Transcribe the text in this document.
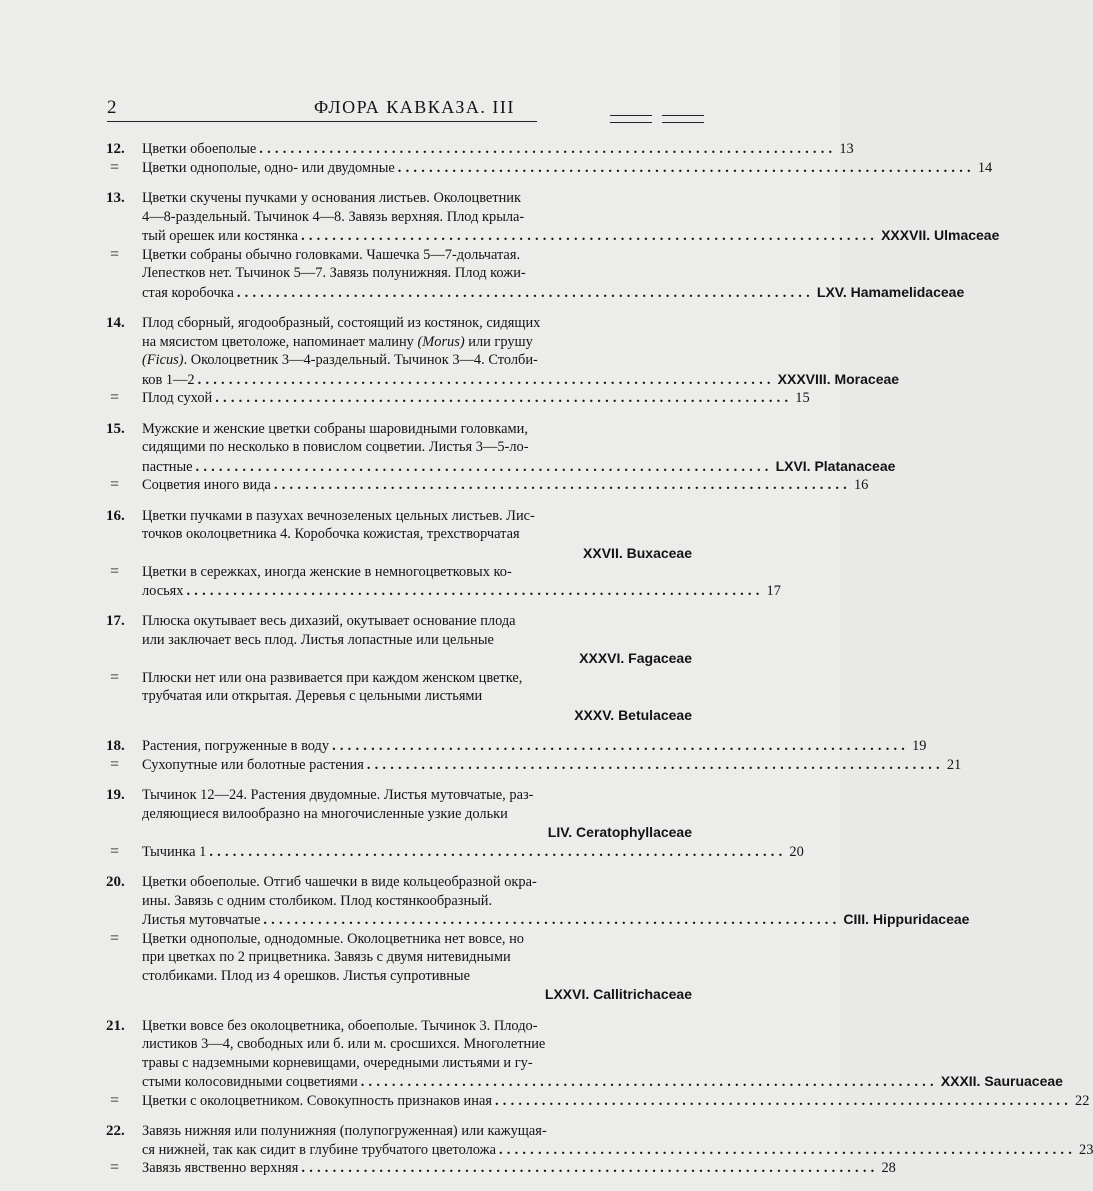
2	ФЛОРА КАВКАЗА. III
12. Цветки обоеполые .......................................................................... 13
= Цветки однополые, одно- или двудомные .......................................................................... 14
13. Цветки скучены пучками у основания листьев. Околоцветник
4—8-раздельный. Тычинок 4—8. Завязь верхняя. Плод крыла-
тый орешек или костянка .......................................................................... XXXVII. Ulmaceae
= Цветки собраны обычно головками. Чашечка 5—7-дольчатая.
Лепестков нет. Тычинок 5—7. Завязь полунижняя. Плод кожи-
стая коробочка .......................................................................... LXV. Hamamelidaceae
14. Плод сборный, ягодообразный, состоящий из костянок, сидящих
на мясистом цветоложе, напоминает малину (Morus) или грушу
(Ficus). Околоцветник 3—4-раздельный. Тычинок 3—4. Столби-
ков 1—2 .......................................................................... XXXVIII. Moraceae
= Плод сухой .......................................................................... 15
15. Мужские и женские цветки собраны шаровидными головками,
сидящими по несколько в повислом соцветии. Листья 3—5-ло-
пастные .......................................................................... LXVI. Platanaceae
= Соцветия иного вида .......................................................................... 16
16. Цветки пучками в пазухах вечнозеленых цельных листьев. Лис-
точков околоцветника 4. Коробочка кожистая, трехстворчатая
XXVII. Buxaceae
= Цветки в сережках, иногда женские в немногоцветковых ко-
лосьях .......................................................................... 17
17. Плюска окутывает весь дихазий, окутывает основание плода
или заключает весь плод. Листья лопастные или цельные
XXXVI. Fagaceae
= Плюски нет или она развивается при каждом женском цветке,
трубчатая или открытая. Деревья с цельными листьями
XXXV. Betulaceae
18. Растения, погруженные в воду .......................................................................... 19
= Сухопутные или болотные растения .......................................................................... 21
19. Тычинок 12—24. Растения двудомные. Листья мутовчатые, раз-
деляющиеся вилообразно на многочисленные узкие дольки
LIV. Ceratophyllaceae
= Тычинка 1 .......................................................................... 20
20. Цветки обоеполые. Отгиб чашечки в виде кольцеобразной окра-
ины. Завязь с одним столбиком. Плод костянкообразный.
Листья мутовчатые .......................................................................... CIII. Hippuridaceae
= Цветки однополые, однодомные. Околоцветника нет вовсе, но
при цветках по 2 прицветника. Завязь с двумя нитевидными
столбиками. Плод из 4 орешков. Листья супротивные
LXXVI. Callitrichaceae
21. Цветки вовсе без околоцветника, обоеполые. Тычинок 3. Плодо-
листиков 3—4, свободных или б. или м. сросшихся. Многолетние
травы с надземными корневищами, очередными листьями и гу-
стыми колосовидными соцветиями .......................................................................... XXXII. Sauruaceae
= Цветки с околоцветником. Совокупность признаков иная .......................................................................... 22
22. Завязь нижняя или полунижняя (полупогруженная) или кажущая-
ся нижней, так как сидит в глубине трубчатого цветоложа .......................................................................... 23
= Завязь явственно верхняя .......................................................................... 28
